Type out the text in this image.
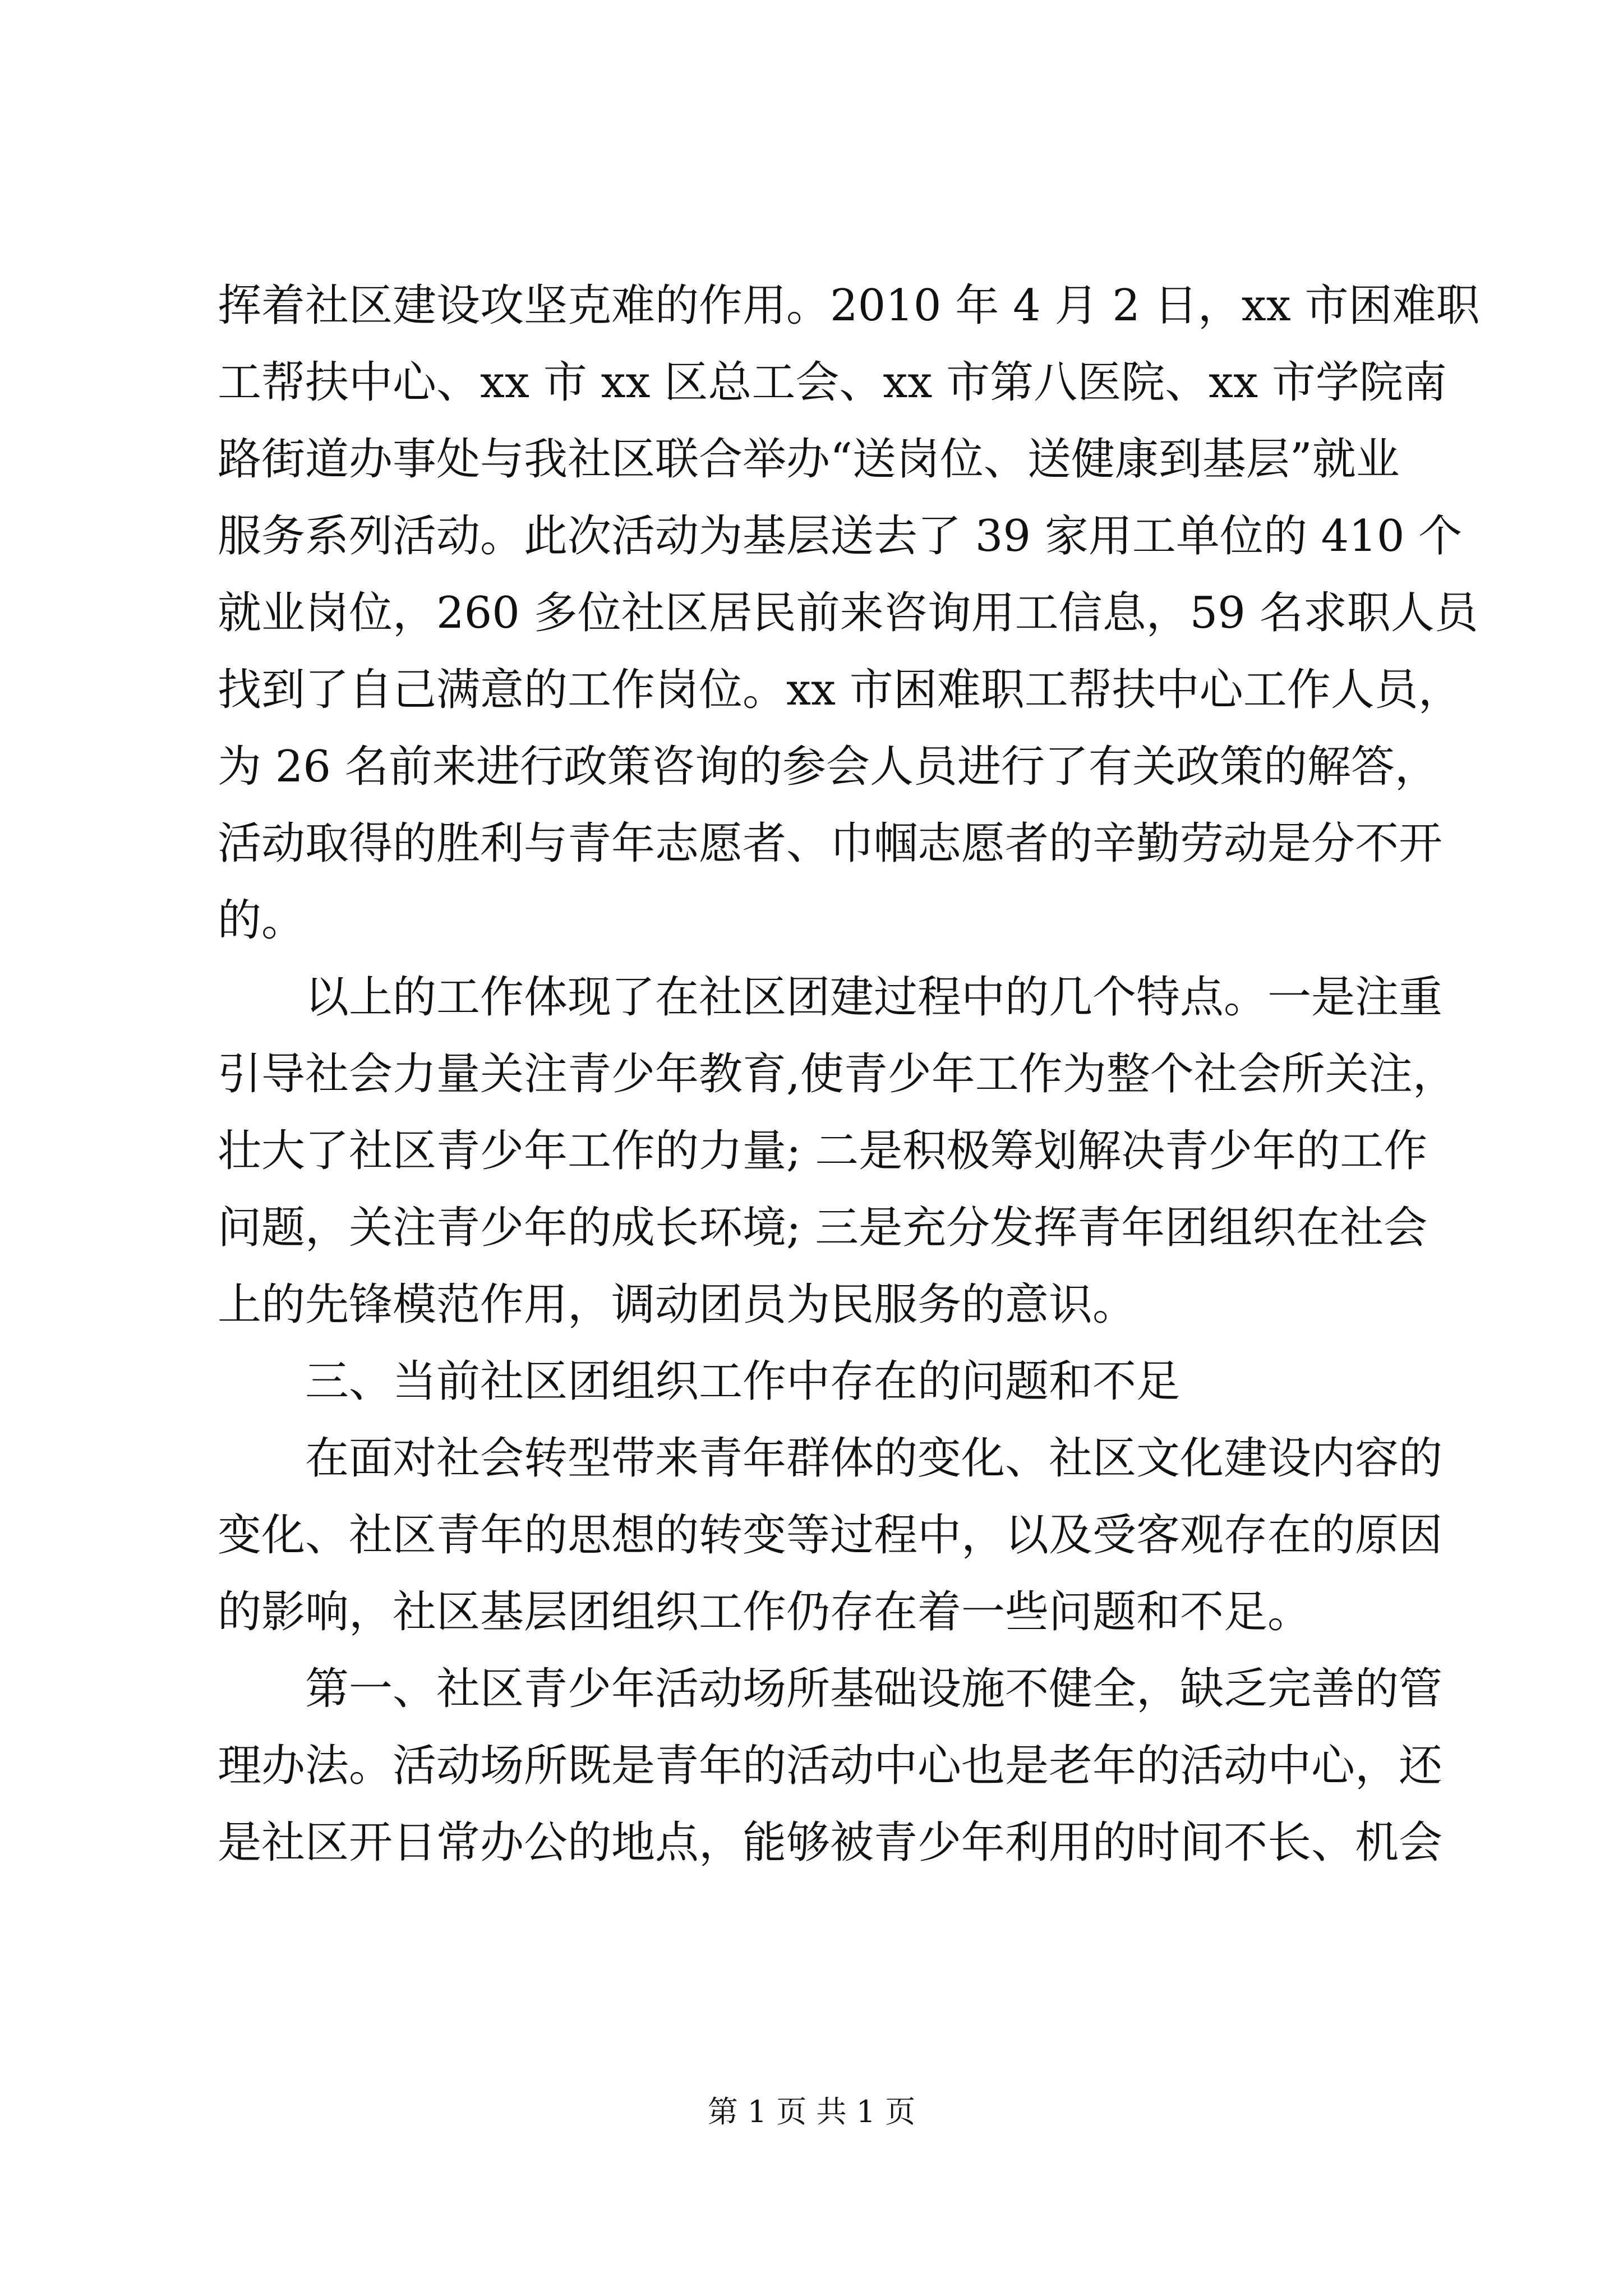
挥着社区建设攻坚克难的作用。2010 年 4 月 2 日，xx 市困难职
工帮扶中心、xx 市 xx 区总工会、xx 市第八医院、xx 市学院南
路街道办事处与我社区联合举办“送岗位、送健康到基层”就业
服务系列活动。此次活动为基层送去了 39 家用工单位的 410 个
就业岗位，260 多位社区居民前来咨询用工信息，59 名求职人员
找到了自己满意的工作岗位。xx 市困难职工帮扶中心工作人员，
为 26 名前来进行政策咨询的参会人员进行了有关政策的解答，
活动取得的胜利与青年志愿者、巾帼志愿者的辛勤劳动是分不开
的。
　　以上的工作体现了在社区团建过程中的几个特点。一是注重
引导社会力量关注青少年教育,使青少年工作为整个社会所关注，
壮大了社区青少年工作的力量; 二是积极筹划解决青少年的工作
问题，关注青少年的成长环境; 三是充分发挥青年团组织在社会
上的先锋模范作用，调动团员为民服务的意识。
　　三、当前社区团组织工作中存在的问题和不足
　　在面对社会转型带来青年群体的变化、社区文化建设内容的
变化、社区青年的思想的转变等过程中，以及受客观存在的原因
的影响，社区基层团组织工作仍存在着一些问题和不足。
　　第一、社区青少年活动场所基础设施不健全，缺乏完善的管
理办法。活动场所既是青年的活动中心也是老年的活动中心，还
是社区开日常办公的地点，能够被青少年利用的时间不长、机会
第 1 页 共 1 页
